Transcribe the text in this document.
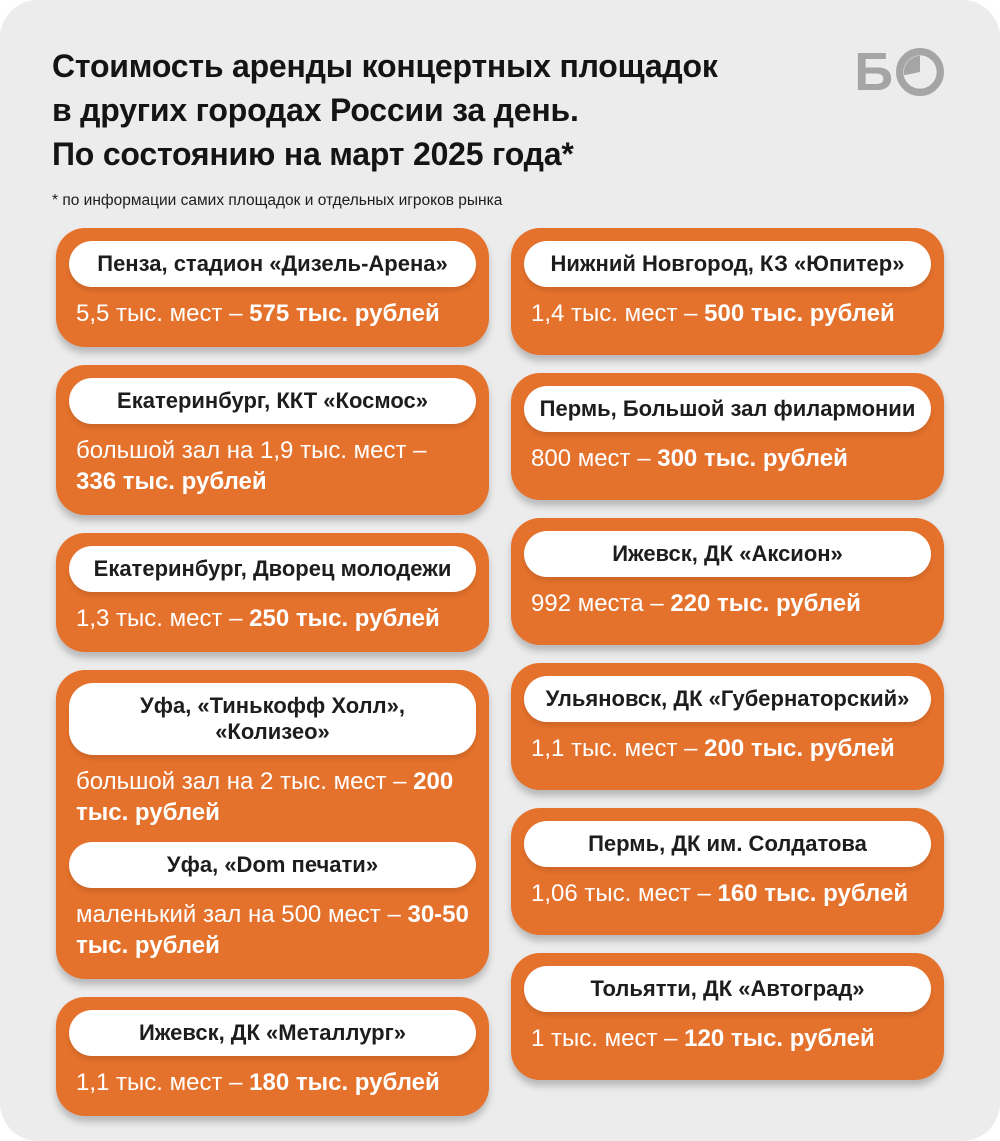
Стоимость аренды концертных площадок
в других городах России за день.
По состоянию на март 2025 года*

* по информации самих площадок и отдельных игроков рынка

Б
Пенза, стадион «Дизель-Арена»
5,5 тыс. мест – 575 тыс. рублей
Екатеринбург, ККТ «Космос»
большой зал на 1,9 тыс. мест – 336 тыс. рублей
Екатеринбург, Дворец молодежи
1,3 тыс. мест – 250 тыс. рублей
Уфа, «Тинькофф Холл», «Колизео»
большой зал на 2 тыс. мест – 200 тыс. рублей
Уфа, «Dom печати»
маленький зал на 500 мест – 30-50 тыс. рублей
Ижевск, ДК «Металлург»
1,1 тыс. мест – 180 тыс. рублей
Нижний Новгород, КЗ «Юпитер»
1,4 тыс. мест – 500 тыс. рублей
Пермь, Большой зал филармонии
800 мест – 300 тыс. рублей
Ижевск, ДК «Аксион»
992 места – 220 тыс. рублей
Ульяновск, ДК «Губернаторский»
1,1 тыс. мест – 200 тыс. рублей
Пермь, ДК им. Солдатова
1,06 тыс. мест – 160 тыс. рублей
Тольятти, ДК «Автоград»
1 тыс. мест – 120 тыс. рублей
